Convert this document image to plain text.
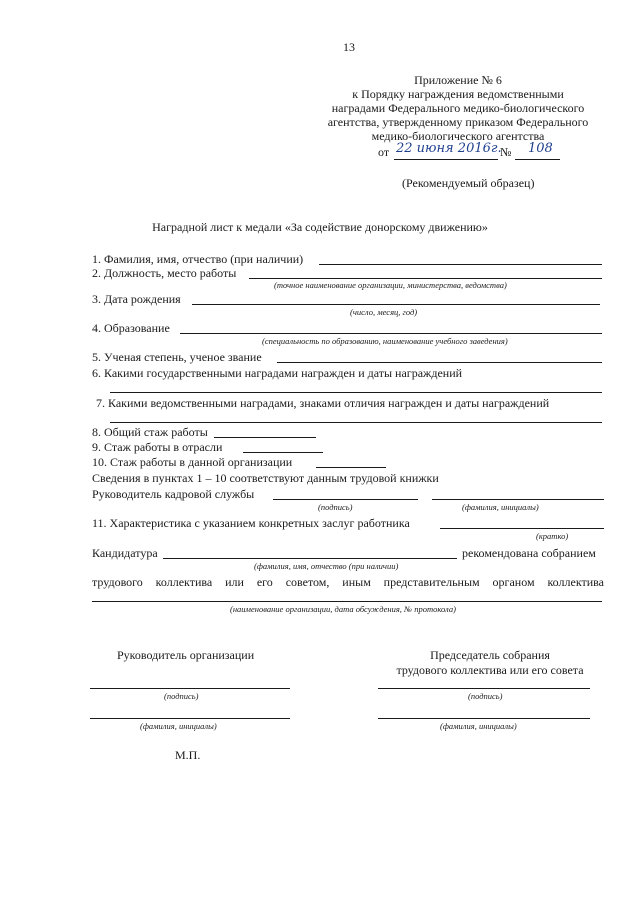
13
Приложение № 6
к Порядку награждения ведомственными
наградами Федерального медико-биологического
агентства, утвержденному приказом Федерального
медико-биологического агентства
от 22 июня 2016г.
№ 108
(Рекомендуемый образец)
Наградной лист к медали «За содействие донорскому движению»
1. Фамилия, имя, отчество (при наличии)
2. Должность, место работы
(точное наименование организации, министерства, ведомства)
3. Дата рождения
(число, месяц, год)
4. Образование
(специальность по образованию, наименование учебного заведения)
5. Ученая степень, ученое звание
6. Какими государственными наградами награжден и даты награждений
7. Какими ведомственными наградами, знаками отличия награжден и даты награждений
8. Общий стаж работы
9. Стаж работы в отрасли
10. Стаж работы в данной организации
Сведения в пунктах 1 – 10 соответствуют данным трудовой книжки
Руководитель кадровой службы
(подпись)	(фамилия, инициалы)
11. Характеристика с указанием конкретных заслуг работника
(кратко)
Кандидатура	рекомендована собранием
(фамилия, имя, отчество (при наличии)
трудового коллектива или его советом, иным представительным органом коллектива
(наименование организации, дата обсуждения, № протокола)
Руководитель организации	Председатель собрания
трудового коллектива или его совета
(подпись)	(подпись)
(фамилия, инициалы)	(фамилия, инициалы)
М.П.
